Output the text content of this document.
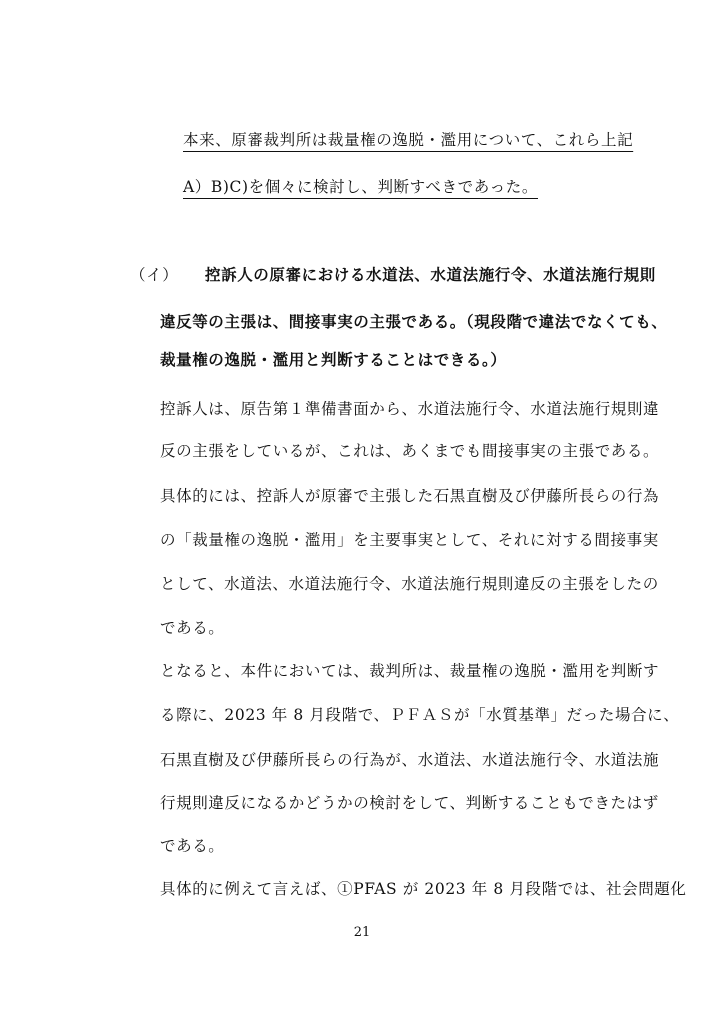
本来、原審裁判所は裁量権の逸脱・濫用について、これら上記
A）B)C)を個々に検討し、判断すべきであった。
（イ） 控訴人の原審における水道法、水道法施行令、水道法施行規則
違反等の主張は、間接事実の主張である。（現段階で違法でなくても、
裁量権の逸脱・濫用と判断することはできる。）
控訴人は、原告第１準備書面から、水道法施行令、水道法施行規則違
反の主張をしているが、これは、あくまでも間接事実の主張である。
具体的には、控訴人が原審で主張した石黒直樹及び伊藤所長らの行為
の「裁量権の逸脱・濫用」を主要事実として、それに対する間接事実
として、水道法、水道法施行令、水道法施行規則違反の主張をしたの
である。
となると、本件においては、裁判所は、裁量権の逸脱・濫用を判断す
る際に、2023 年 8 月段階で、ＰＦＡＳが「水質基準」だった場合に、
石黒直樹及び伊藤所長らの行為が、水道法、水道法施行令、水道法施
行規則違反になるかどうかの検討をして、判断することもできたはず
である。
具体的に例えて言えば、①PFAS が 2023 年 8 月段階では、社会問題化
21
